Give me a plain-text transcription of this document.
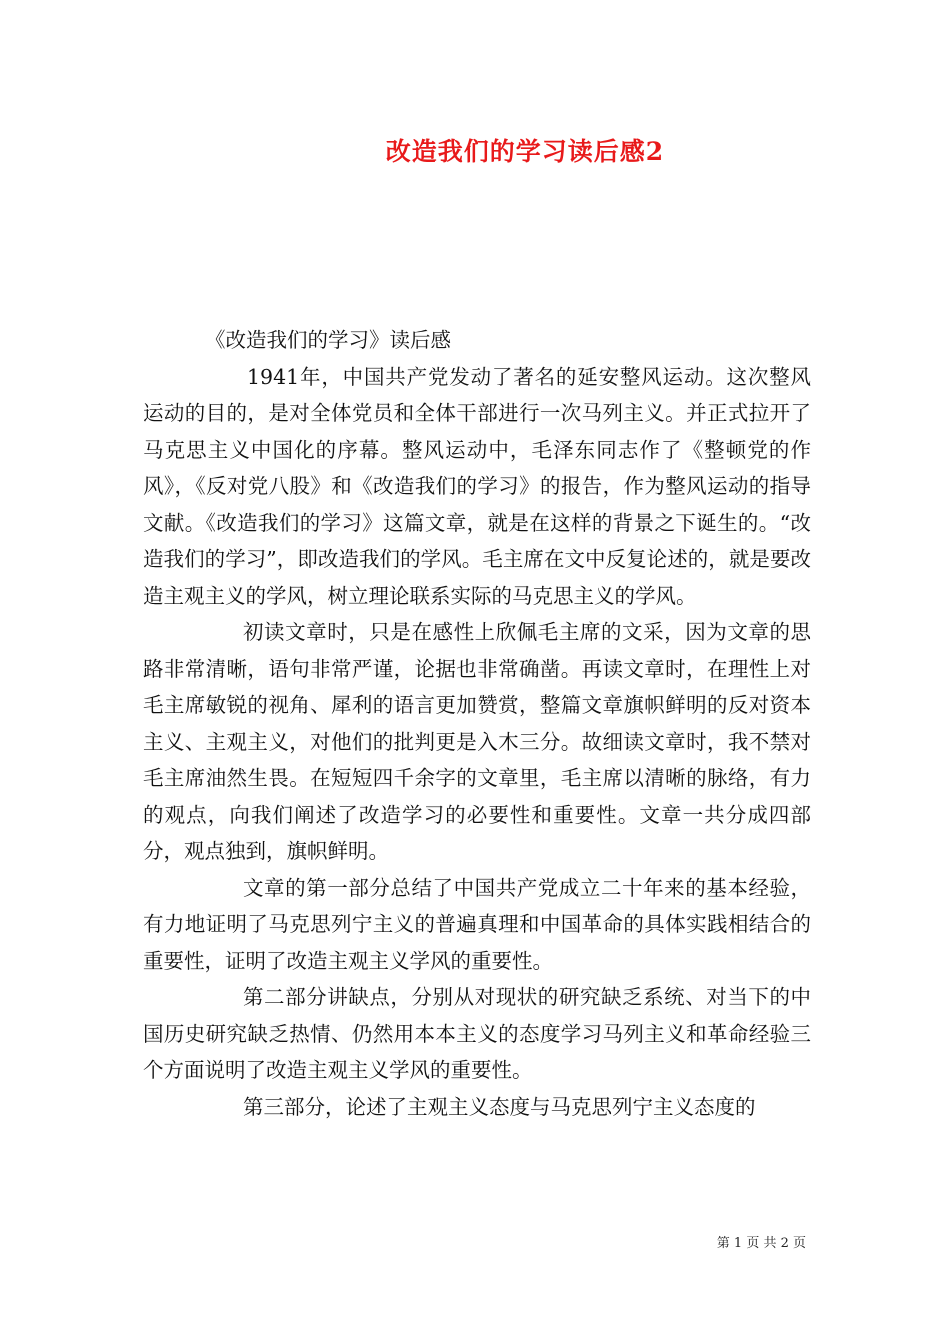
改造我们的学习读后感2

《改造我们的学习》读后感

1941年，中国共产党发动了著名的延安整风运动。这次整风运动的目的，是对全体党员和全体干部进行一次马列主义。并正式拉开了马克思主义中国化的序幕。整风运动中，毛泽东同志作了《整顿党的作风》，《反对党八股》和《改造我们的学习》的报告，作为整风运动的指导文献。《改造我们的学习》这篇文章，就是在这样的背景之下诞生的。“改造我们的学习”，即改造我们的学风。毛主席在文中反复论述的，就是要改造主观主义的学风，树立理论联系实际的马克思主义的学风。

初读文章时，只是在感性上欣佩毛主席的文采，因为文章的思路非常清晰，语句非常严谨，论据也非常确凿。再读文章时，在理性上对毛主席敏锐的视角、犀利的语言更加赞赏，整篇文章旗帜鲜明的反对资本主义、主观主义，对他们的批判更是入木三分。故细读文章时，我不禁对毛主席油然生畏。在短短四千余字的文章里，毛主席以清晰的脉络，有力的观点，向我们阐述了改造学习的必要性和重要性。文章一共分成四部分，观点独到，旗帜鲜明。

文章的第一部分总结了中国共产党成立二十年来的基本经验，有力地证明了马克思列宁主义的普遍真理和中国革命的具体实践相结合的重要性，证明了改造主观主义学风的重要性。

第二部分讲缺点，分别从对现状的研究缺乏系统、对当下的中国历史研究缺乏热情、仍然用本本主义的态度学习马列主义和革命经验三个方面说明了改造主观主义学风的重要性。

第三部分，论述了主观主义态度与马克思列宁主义态度的

第 1 页 共 2 页
